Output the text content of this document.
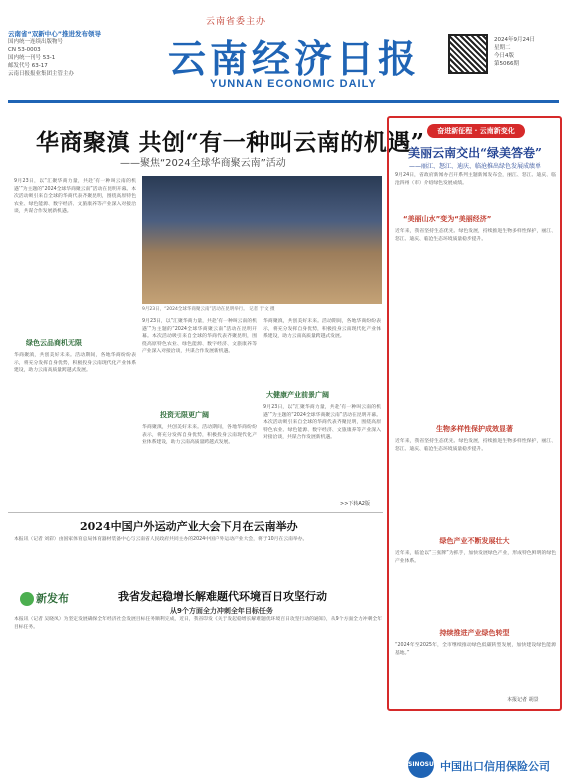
云南省“双新中心”推进发布领导
国内统一连续出版物号
CN 53-0003
国内统一刊号 53-1
邮发代号 63-17
云南日报报业集团主管主办
云南省委主办
云南经济日报
YUNNAN ECONOMIC DAILY
2024年9月24日
星期二
今日4版
第5066期
华商聚滇 共创“有一种叫云南的机遇”
——聚焦“2024全球华商聚云南”活动
9月23日，以“汇聚华商力量，共赴‘有一种叫云南的机遇’”为主题的“2024全球华商聚云南”活动在昆明开幕。本次活动吸引来自全球的华商代表齐聚昆明，围绕高原特色农业、绿色能源、数字经济、文旅康养等产业深入对接洽谈，共谋合作发展新机遇。
绿色云品商机无限
华商聚滇，共创美好未来。活动期间，各地华商纷纷表示，将充分发挥自身优势，积极投身云南现代化产业体系建设，助力云南高质量跨越式发展。
9月23日，“2024全球华商聚云南”活动在昆明举行。 记者 于文 摄
9月23日，以“汇聚华商力量，共赴‘有一种叫云南的机遇’”为主题的“2024全球华商聚云南”活动在昆明开幕。本次活动吸引来自全球的华商代表齐聚昆明，围绕高原特色农业、绿色能源、数字经济、文旅康养等产业深入对接洽谈，共谋合作发展新机遇。
投资无限更广阔
华商聚滇，共创美好未来。活动期间，各地华商纷纷表示，将充分发挥自身优势，积极投身云南现代化产业体系建设，助力云南高质量跨越式发展。
华商聚滇，共创美好未来。活动期间，各地华商纷纷表示，将充分发挥自身优势，积极投身云南现代化产业体系建设，助力云南高质量跨越式发展。
大健康产业前景广阔
9月23日，以“汇聚华商力量，共赴‘有一种叫云南的机遇’”为主题的“2024全球华商聚云南”活动在昆明开幕。本次活动吸引来自全球的华商代表齐聚昆明，围绕高原特色农业、绿色能源、数字经济、文旅康养等产业深入对接洽谈，共谋合作发展新机遇。
>>下转A2版
2024中国户外运动产业大会下月在云南举办
本报讯（记者 刘彩）由国家体育总局体育器材装备中心与云南省人民政府共同主办的2024中国户外运动产业大会，将于10月在云南举办。
新发布	我省发起稳增长解难题代环境百日攻坚行动
从9个方面全力冲刺全年目标任务
本报讯（记者 吴晓凤）为坚定发展确保全年经济社会发展目标任务顺利完成，近日，我省印发《关于发起稳增长解难题优环境百日攻坚行动的通知》，从9个方面全力冲刺全年目标任务。
奋进新征程 · 云南新变化
美丽云南交出“绿美答卷”
——丽江、怒江、迪庆、临沧推出绿色发展成绩单
9月24日，省政府新闻办召开系列主题新闻发布会，丽江、怒江、迪庆、临沧四州（市）介绍绿色发展成绩。
“美丽山水”变为“美丽经济”
近年来，我省坚持生态优先、绿色发展，持续推进生物多样性保护，丽江、怒江、迪庆、临沧生态环境质量稳步提升。
生物多样性保护成效显著
近年来，我省坚持生态优先、绿色发展，持续推进生物多样性保护，丽江、怒江、迪庆、临沧生态环境质量稳步提升。
绿色产业不断发展壮大
近年来，临沧以“三张牌”为抓手，加快发展绿色产业，形成特色鲜明的绿色产业体系。
持续推进产业绿色转型
“2024年至2025年，全市继续推动绿色低碳转型发展，加快建设绿色能源基地。”
本报记者 胡景
SINOSURE
中国出口信用保险公司
